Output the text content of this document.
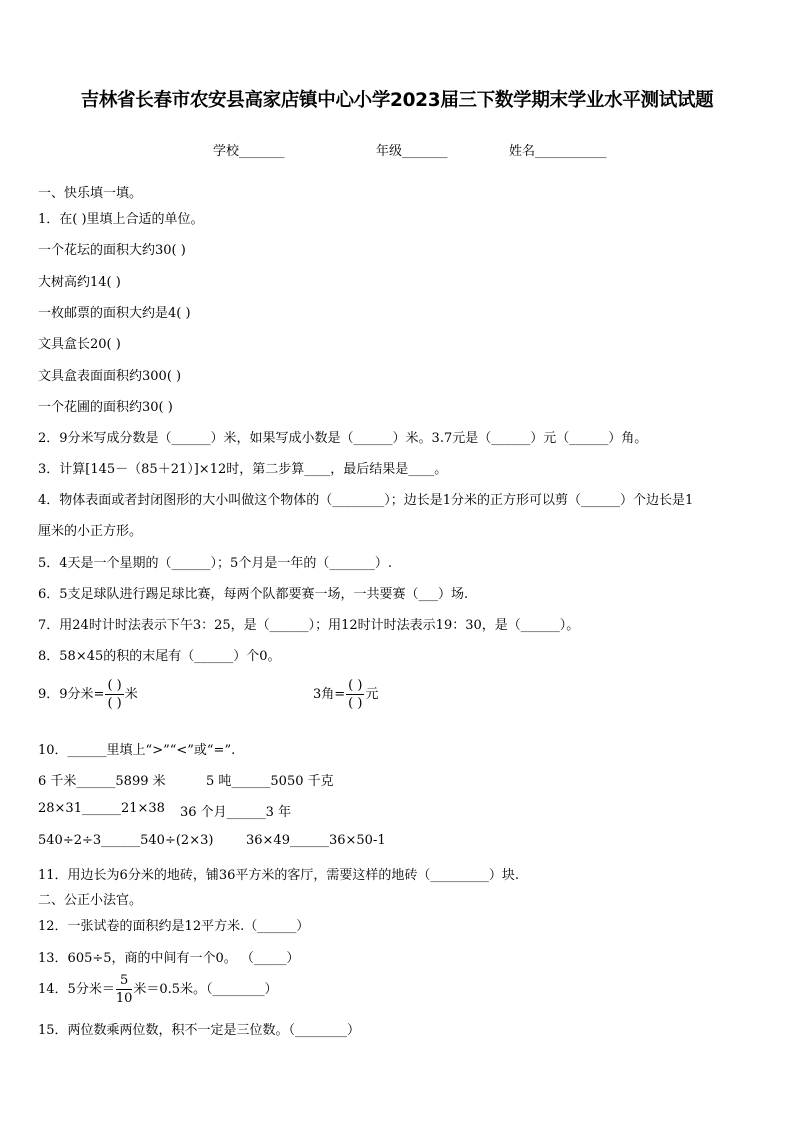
吉林省长春市农安县高家店镇中心小学2023届三下数学期末学业水平测试试题
学校_______	年级_______	姓名___________
一、快乐填一填。
1．在( )里填上合适的单位。
一个花坛的面积大约30( )
大树高约14( )
一枚邮票的面积大约是4( )
文具盒长20( )
文具盒表面面积约300( )
一个花圃的面积约30( )
2．9分米写成分数是（______）米，如果写成小数是（______）米。3.7元是（______）元（______）角。
3．计算[145－（85＋21）]×12时，第二步算____，最后结果是____。
4．物体表面或者封闭图形的大小叫做这个物体的（________）；边长是1分米的正方形可以剪（______）个边长是1
厘米的小正方形。
5．4天是一个星期的（______）；5个月是一年的（_______）.
6．5支足球队进行踢足球比赛，每两个队都要赛一场，一共要赛（___）场.
7．用24时计时法表示下午3：25，是（______）；用12时计时法表示19：30，是（______）。
8．58×45的积的末尾有（______）个0。
9．9分米= $\frac{( )}{( )}$ 米	3角= $\frac{( )}{( )}$ 元
10．______里填上“>”“<”或“=”.
6 千米______5899 米	5 吨______5050 千克
28×31______21×38 36 个月______3 年
540÷2÷3______540÷(2×3)	36×49______36×50-1
11．用边长为6分米的地砖，铺36平方米的客厅，需要这样的地砖（_________）块.
二、公正小法官。
12．一张试卷的面积约是12平方米.（______）
13．605÷5，商的中间有一个0。 （_____）
14．5分米＝ $\frac{5}{10}$ 米＝0.5米。（________）
15．两位数乘两位数，积不一定是三位数。（________）
